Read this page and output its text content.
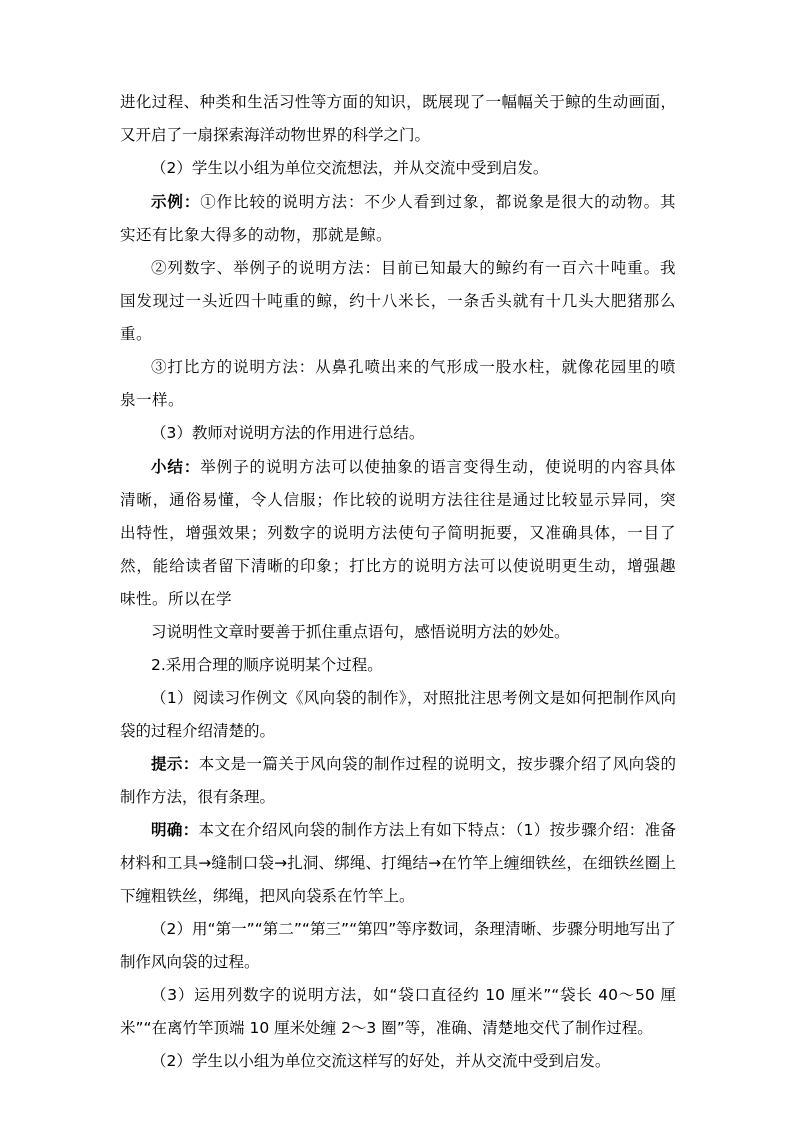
进化过程、种类和生活习性等方面的知识，既展现了一幅幅关于鲸的生动画面，又开启了一扇探索海洋动物世界的科学之门。

（2）学生以小组为单位交流想法，并从交流中受到启发。

示例：①作比较的说明方法：不少人看到过象，都说象是很大的动物。其实还有比象大得多的动物，那就是鲸。

②列数字、举例子的说明方法：目前已知最大的鲸约有一百六十吨重。我国发现过一头近四十吨重的鲸，约十八米长，一条舌头就有十几头大肥猪那么重。

③打比方的说明方法：从鼻孔喷出来的气形成一股水柱，就像花园里的喷泉一样。

（3）教师对说明方法的作用进行总结。

小结：举例子的说明方法可以使抽象的语言变得生动，使说明的内容具体清晰，通俗易懂，令人信服；作比较的说明方法往往是通过比较显示异同，突出特性，增强效果；列数字的说明方法使句子简明扼要，又准确具体，一目了然，能给读者留下清晰的印象；打比方的说明方法可以使说明更生动，增强趣味性。所以在学

习说明性文章时要善于抓住重点语句，感悟说明方法的妙处。

2.采用合理的顺序说明某个过程。

（1）阅读习作例文《风向袋的制作》，对照批注思考例文是如何把制作风向袋的过程介绍清楚的。

提示：本文是一篇关于风向袋的制作过程的说明文，按步骤介绍了风向袋的制作方法，很有条理。

明确：本文在介绍风向袋的制作方法上有如下特点：（1）按步骤介绍：准备材料和工具→缝制口袋→扎洞、绑绳、打绳结→在竹竿上缠细铁丝，在细铁丝圈上下缠粗铁丝，绑绳，把风向袋系在竹竿上。

（2）用“第一”“第二”“第三”“第四”等序数词，条理清晰、步骤分明地写出了制作风向袋的过程。

（3）运用列数字的说明方法，如“袋口直径约 10 厘米”“袋长 40～50 厘米”“在离竹竿顶端 10 厘米处缠 2～3 圈”等，准确、清楚地交代了制作过程。

（2）学生以小组为单位交流这样写的好处，并从交流中受到启发。
